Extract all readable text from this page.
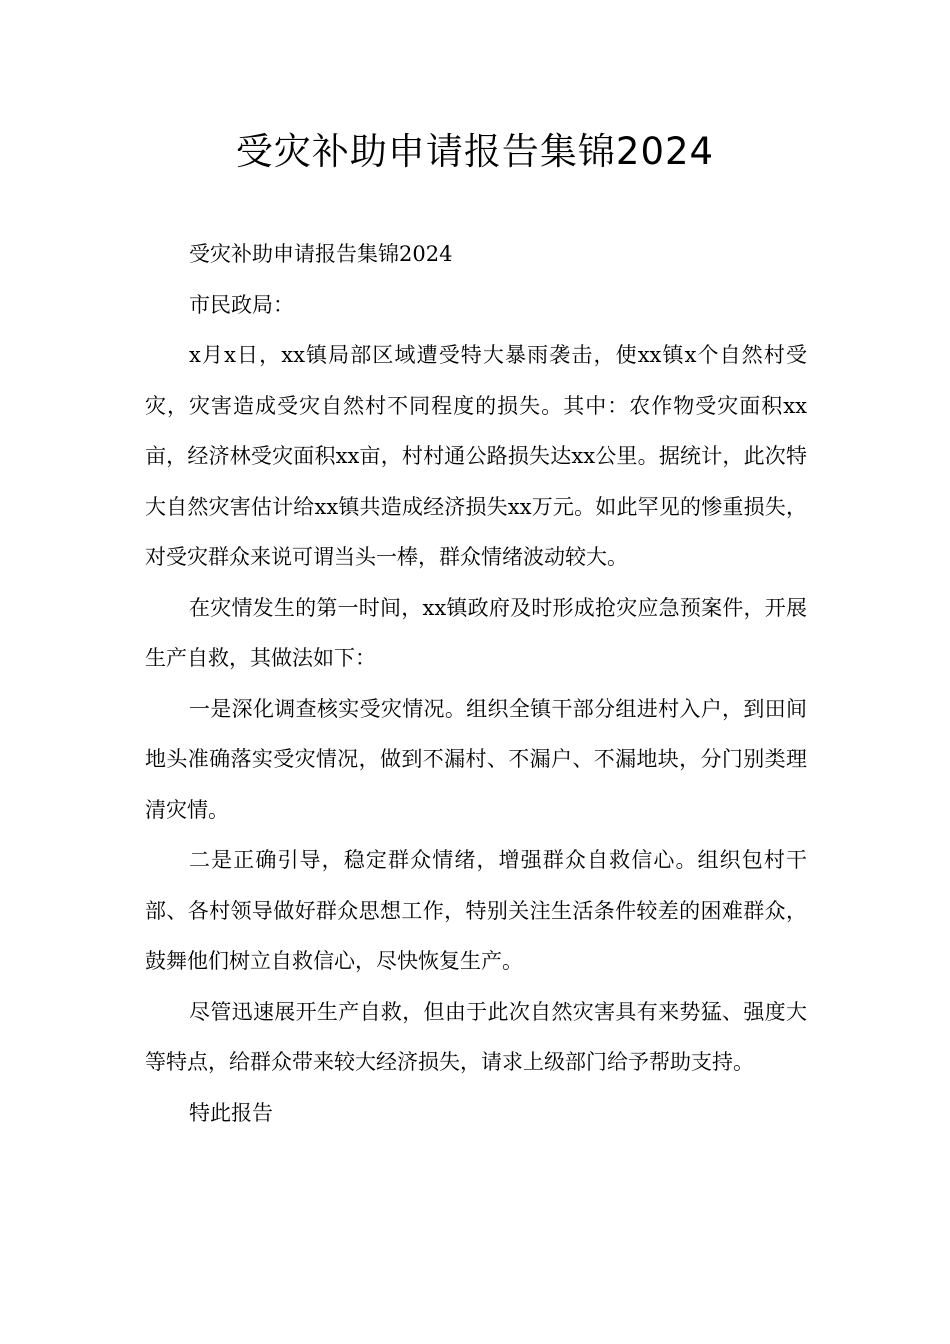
受灾补助申请报告集锦2024

受灾补助申请报告集锦2024

市民政局：

x月x日，xx镇局部区域遭受特大暴雨袭击，使xx镇x个自然村受灾，灾害造成受灾自然村不同程度的损失。其中：农作物受灾面积xx亩，经济林受灾面积xx亩，村村通公路损失达xx公里。据统计，此次特大自然灾害估计给xx镇共造成经济损失xx万元。如此罕见的惨重损失，对受灾群众来说可谓当头一棒，群众情绪波动较大。

在灾情发生的第一时间，xx镇政府及时形成抢灾应急预案件，开展生产自救，其做法如下：

一是深化调查核实受灾情况。组织全镇干部分组进村入户，到田间地头准确落实受灾情况，做到不漏村、不漏户、不漏地块，分门别类理清灾情。

二是正确引导，稳定群众情绪，增强群众自救信心。组织包村干部、各村领导做好群众思想工作，特别关注生活条件较差的困难群众，鼓舞他们树立自救信心，尽快恢复生产。

尽管迅速展开生产自救，但由于此次自然灾害具有来势猛、强度大等特点，给群众带来较大经济损失，请求上级部门给予帮助支持。

特此报告
